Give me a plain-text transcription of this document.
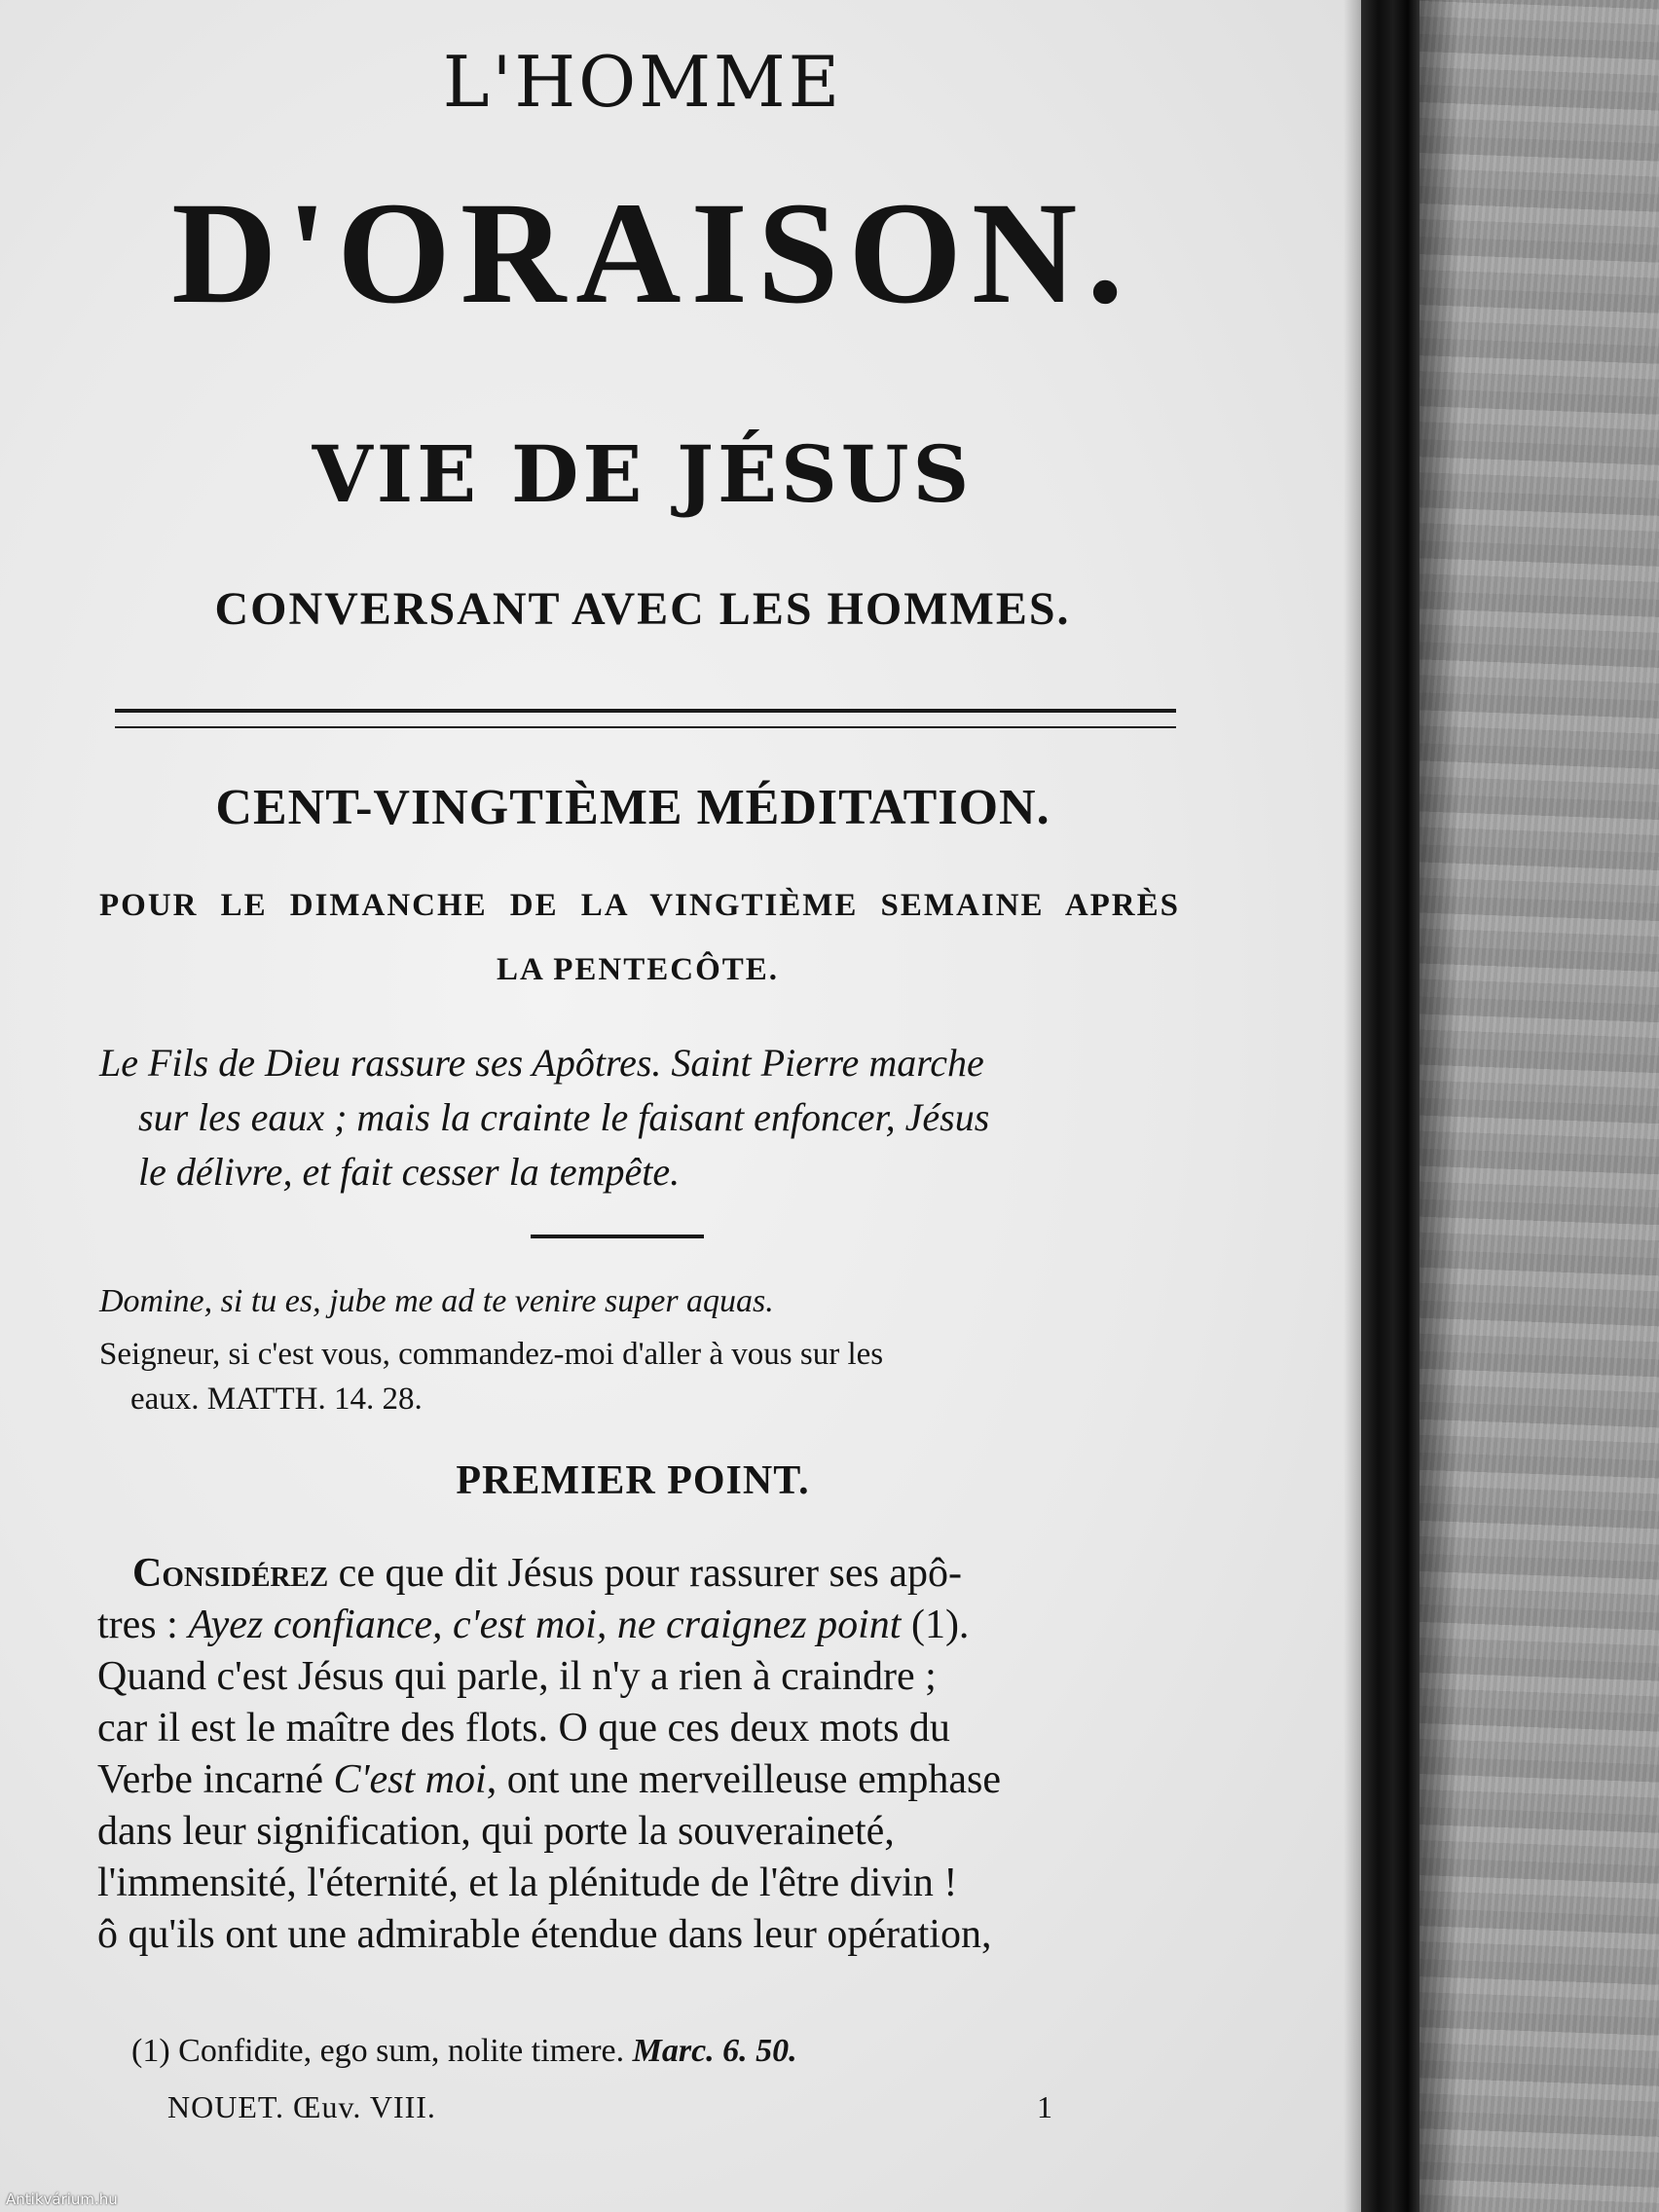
L'HOMME
D'ORAISON.
VIE DE JÉSUS
CONVERSANT AVEC LES HOMMES.
CENT-VINGTIÈME MÉDITATION.
POUR LE DIMANCHE DE LA VINGTIÈME SEMAINE APRÈS
LA PENTECÔTE.
Le Fils de Dieu rassure ses Apôtres. Saint Pierre marche
sur les eaux ; mais la crainte le faisant enfoncer, Jésus
le délivre, et fait cesser la tempête.
Domine, si tu es, jube me ad te venire super aquas.
Seigneur, si c'est vous, commandez-moi d'aller à vous sur les
eaux. MATTH. 14. 28.
PREMIER POINT.
Considérez ce que dit Jésus pour rassurer ses apô-
tres : Ayez confiance, c'est moi, ne craignez point (1).
Quand c'est Jésus qui parle, il n'y a rien à craindre ;
car il est le maître des flots. O que ces deux mots du
Verbe incarné C'est moi, ont une merveilleuse emphase
dans leur signification, qui porte la souveraineté,
l'immensité, l'éternité, et la plénitude de l'être divin !
ô qu'ils ont une admirable étendue dans leur opération,
(1) Confidite, ego sum, nolite timere. Marc. 6. 50.
NOUET. Œuv. VIII.	1
Antikvárium.hu
